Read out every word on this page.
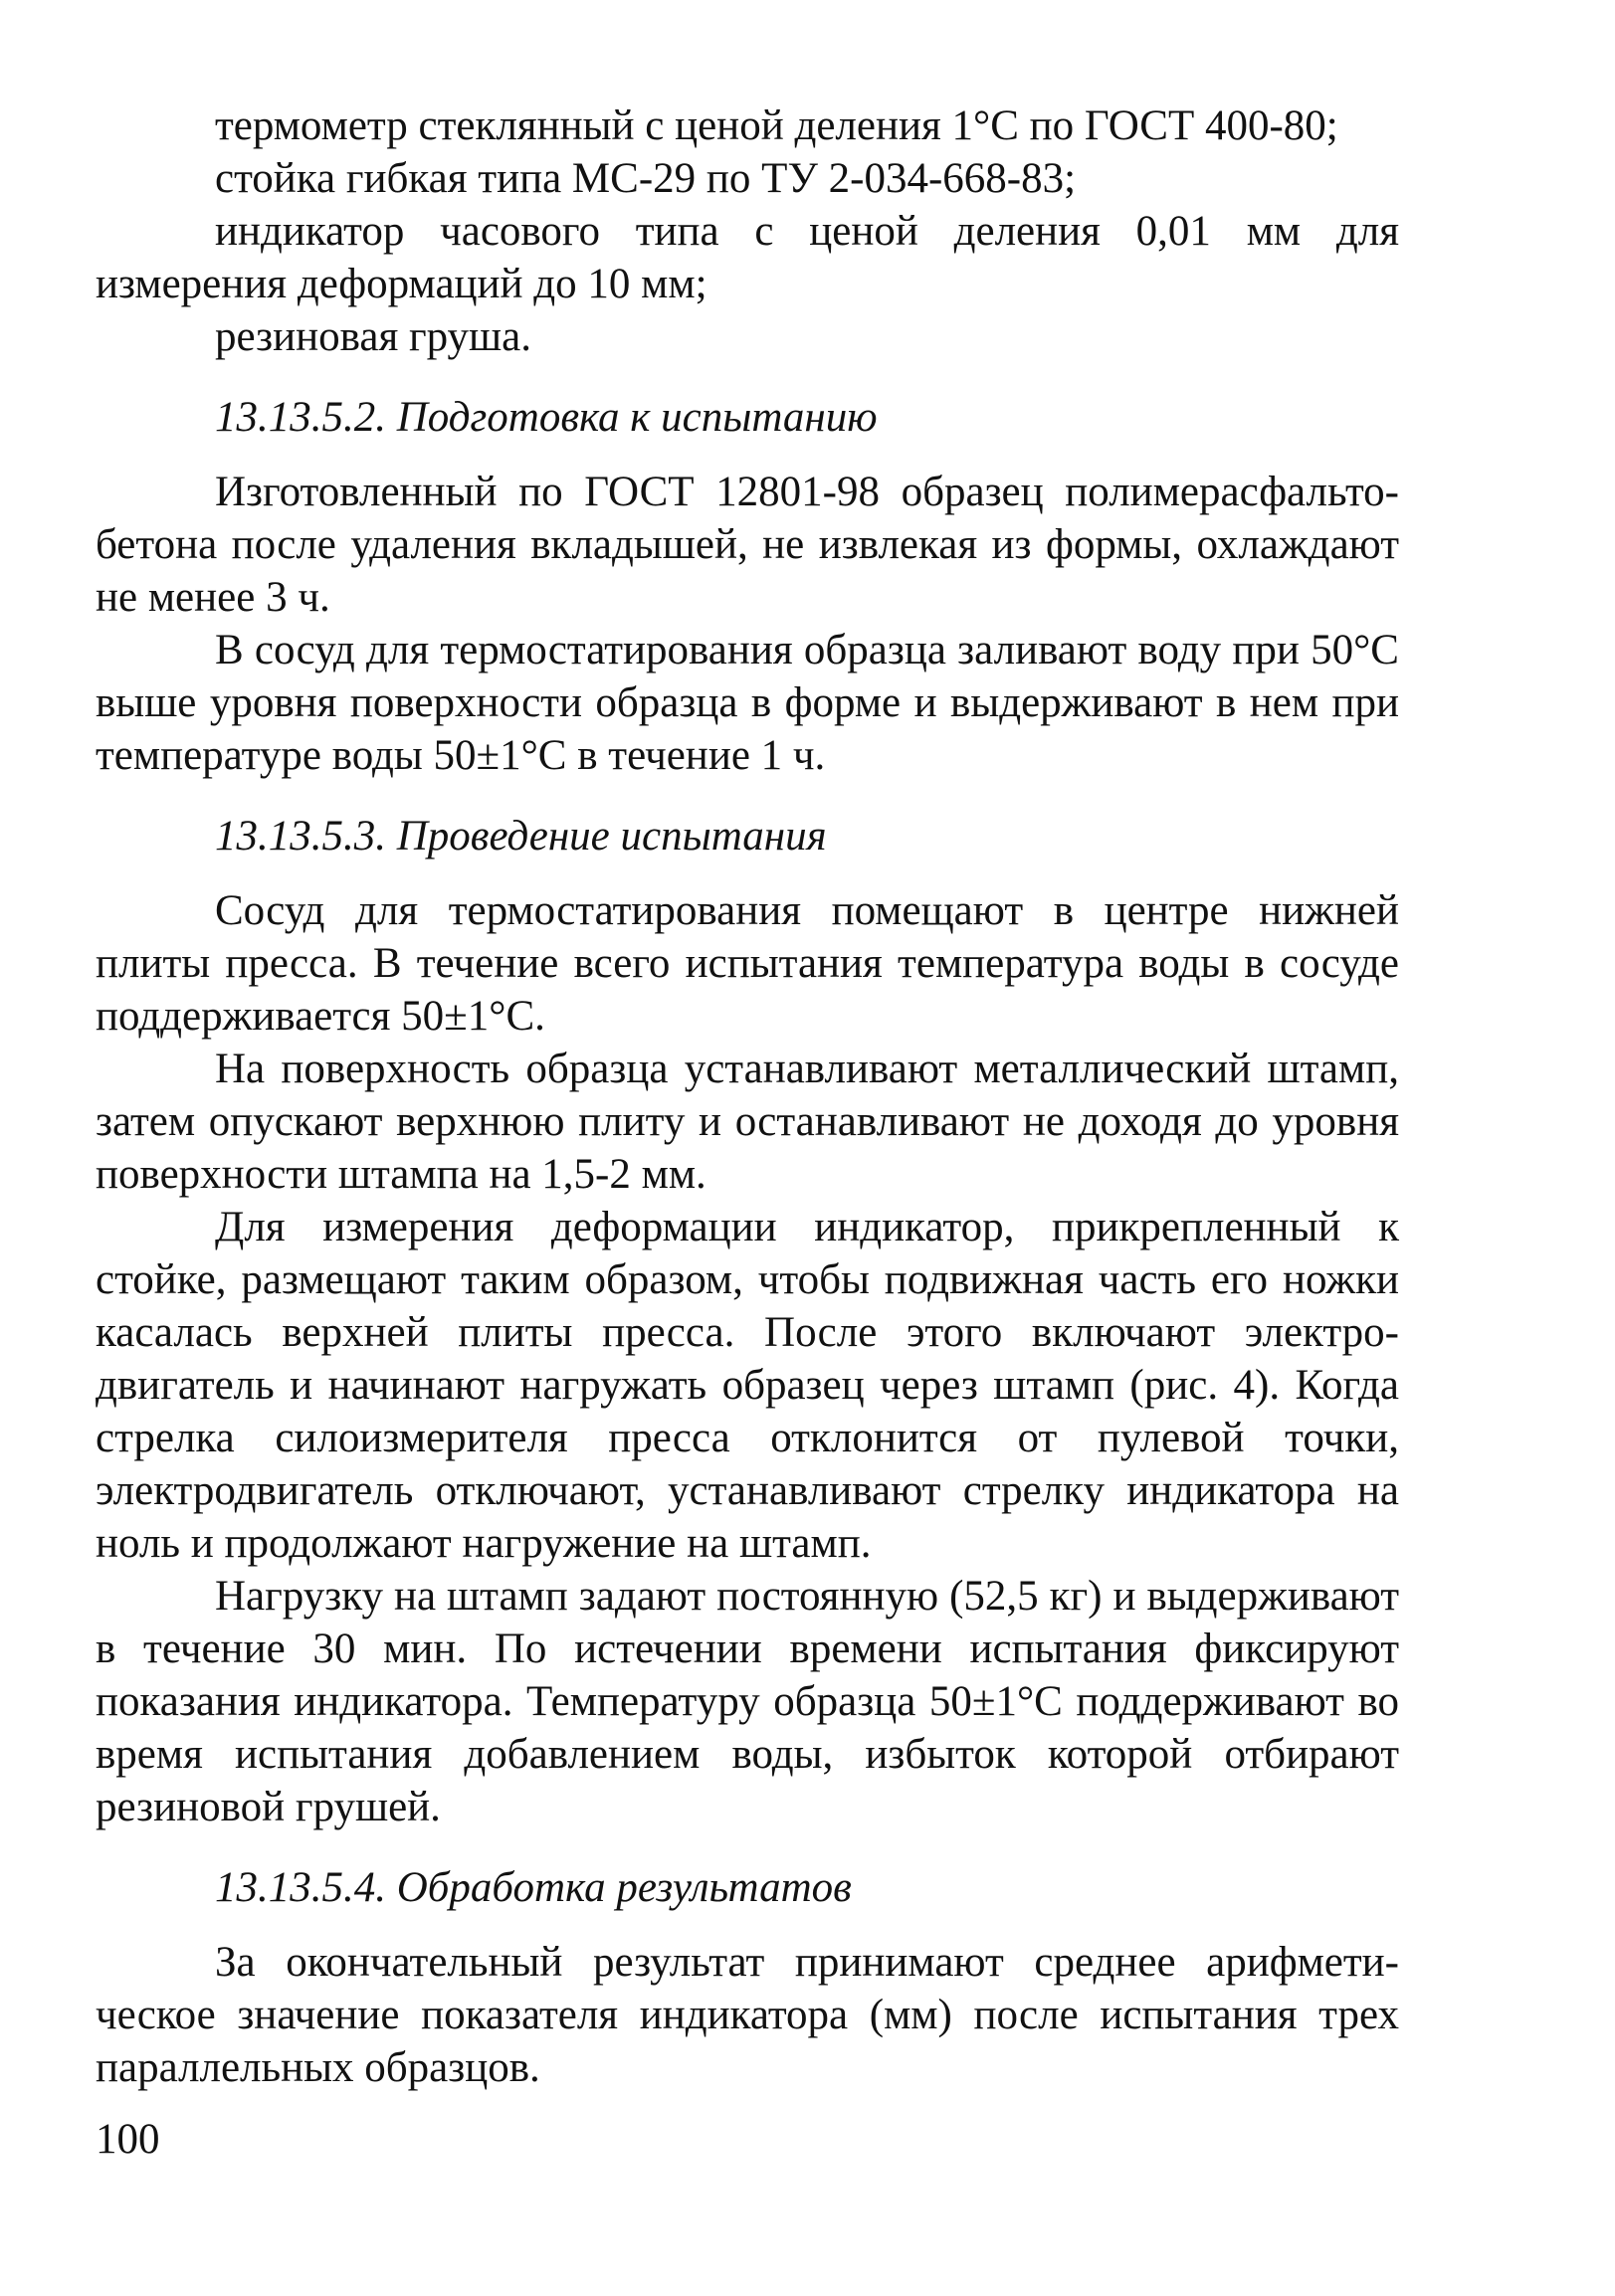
термометр стеклянный с ценой деления 1°С по ГОСТ 400-80;

стойка гибкая типа МС-29 по ТУ 2-034-668-83;

индикатор часового типа с ценой деления 0,01 мм для измерения деформаций до 10 мм;

резиновая груша.

13.13.5.2. Подготовка к испытанию

Изготовленный по ГОСТ 12801-98 образец полимерасфальто-бетона после удаления вкладышей, не извлекая из формы, охлаждают не менее 3 ч.

В сосуд для термостатирования образца заливают воду при 50°С выше уровня поверхности образца в форме и выдерживают в нем при температуре воды 50±1°С в течение 1 ч.

13.13.5.3. Проведение испытания

Сосуд для термостатирования помещают в центре нижней плиты пресса. В течение всего испытания температура воды в сосуде поддерживается 50±1°С.

На поверхность образца устанавливают металлический штамп, затем опускают верхнюю плиту и останавливают не доходя до уровня поверхности штампа на 1,5-2 мм.

Для измерения деформации индикатор, прикрепленный к стойке, размещают таким образом, чтобы подвижная часть его ножки касалась верхней плиты пресса. После этого включают электро-двигатель и начинают нагружать образец через штамп (рис. 4). Когда стрелка силоизмерителя пресса отклонится от пулевой точки, электродвигатель отключают, устанавливают стрелку индикатора на ноль и продолжают нагружение на штамп.

Нагрузку на штамп задают постоянную (52,5 кг) и выдерживают в течение 30 мин. По истечении времени испытания фиксируют показания индикатора. Температуру образца 50±1°С поддерживают во время испытания добавлением воды, избыток которой отбирают резиновой грушей.

13.13.5.4. Обработка результатов

За окончательный результат принимают среднее арифмети-ческое значение показателя индикатора (мм) после испытания трех параллельных образцов.

100
